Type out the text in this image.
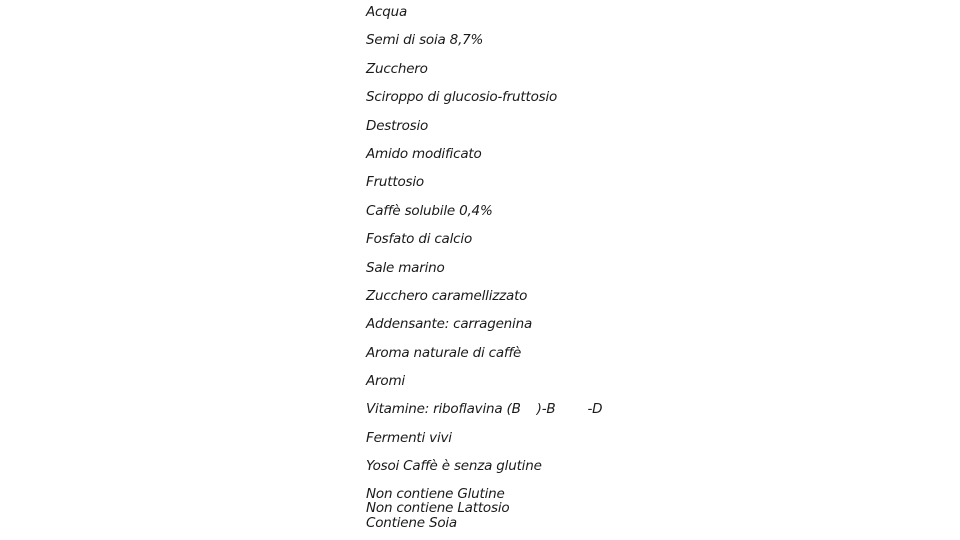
Acqua
Semi di soia 8,7%
Zucchero
Sciroppo di glucosio-fruttosio
Destrosio
Amido modificato
Fruttosio
Caffè solubile 0,4%
Fosfato di calcio
Sale marino
Zucchero caramellizzato
Addensante: carragenina
Aroma naturale di caffè
Aromi
Vitamine: riboflavina (B )-B -D
Fermenti vivi
Yosoi Caffè è senza glutine
Non contiene Glutine
Non contiene Lattosio
Contiene Soia
